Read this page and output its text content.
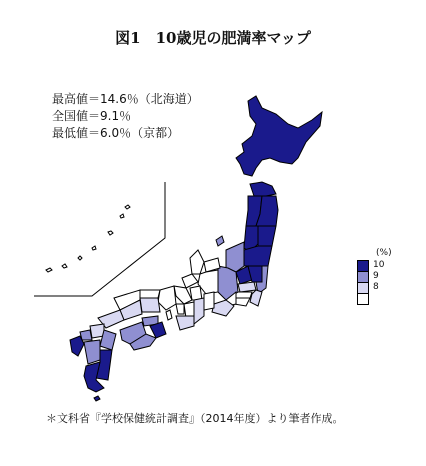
図1　10歳児の肥満率マップ
最高値＝14.6％（北海道）
全国値＝9.1％
最低値＝6.0％（京都）
(%)
10
9
8
＊文科省『学校保健統計調査』（2014年度）より筆者作成。
